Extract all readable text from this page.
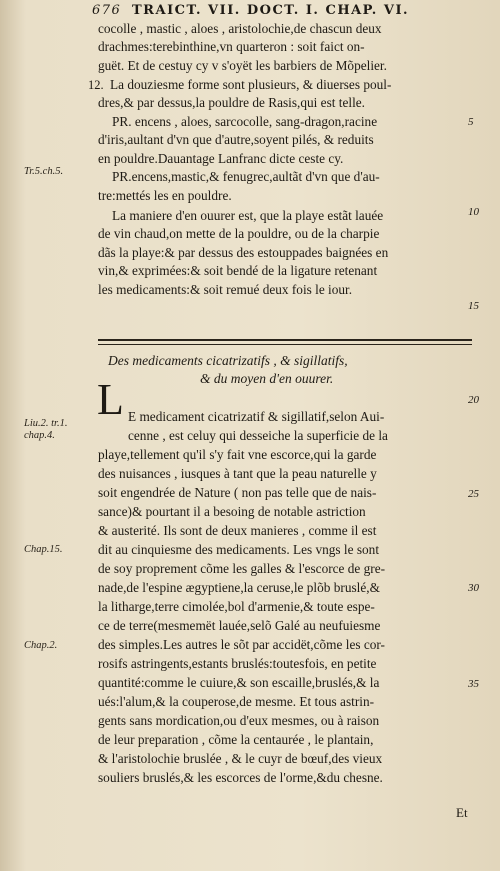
676 TRAICT. VII. DOCT. I. CHAP. VI.
cocolle , mastic , aloes , aristolochie,de chascun deux
drachmes:terebinthine,vn quarteron : soit faict on-
guët. Et de cestuy cy v s'oyët les barbiers de Mõpelier.
12. La douziesme forme sont plusieurs, & diuerses poul-
dres,& par dessus,la pouldre de Rasis,qui est telle.
PR. encens , aloes, sarcocolle, sang-dragon,racine
d'iris,aultant d'vn que d'autre,soyent pilés, & reduits
Tr.5.ch.5.
en pouldre.Dauantage Lanfranc dicte ceste cy.
PR.encens,mastic,& fenugrec,aultãt d'vn que d'au-
tre:mettés les en pouldre.
La maniere d'en ouurer est, que la playe estãt lauée
de vin chaud,on mette de la pouldre, ou de la charpie
dãs la playe:& par dessus des estouppades baignées en
vin,& exprimées:& soit bendé de la ligature retenant
les medicaments:& soit remué deux fois le iour.
Des medicaments cicatrizatifs , & sigillatifs,
& du moyen d'en ouurer.
L
Liu.2. tr.1. chap.4.
E medicament cicatrizatif & sigillatif,selon Aui-
cenne , est celuy qui desseiche la superficie de la
playe,tellement qu'il s'y fait vne escorce,qui la garde
des nuisances , iusques à tant que la peau naturelle y
soit engendrée de Nature ( non pas telle que de nais-
sance)& pourtant il a besoing de notable astriction
& austerité. Ils sont de deux manieres , comme il est
Chap.15.	dit au cinquiesme des medicaments. Les vngs le sont
de soy proprement cõme les galles & l'escorce de gre-
nade,de l'espine ægyptiene,la ceruse,le plõb bruslé,&
la litharge,terre cimolée,bol d'armenie,& toute espe-
ce de terre(mesmemët lauée,selõ Galé au neufuiesme
Chap.2.	des simples.Les autres le sõt par accidët,cõme les cor-
rosifs astringents,estants bruslés:toutesfois, en petite
quantité:comme le cuiure,& son escaille,bruslés,& la
ués:l'alum,& la couperose,de mesme. Et tous astrin-
gents sans mordication,ou d'eux mesmes, ou à raison
de leur preparation , cõme la centaurée , le plantain,
& l'aristolochie bruslée , & le cuyr de bœuf,des vieux
souliers bruslés,& les escorces de l'orme,&du chesne.
Et
5
10
15
20
25
30
35
